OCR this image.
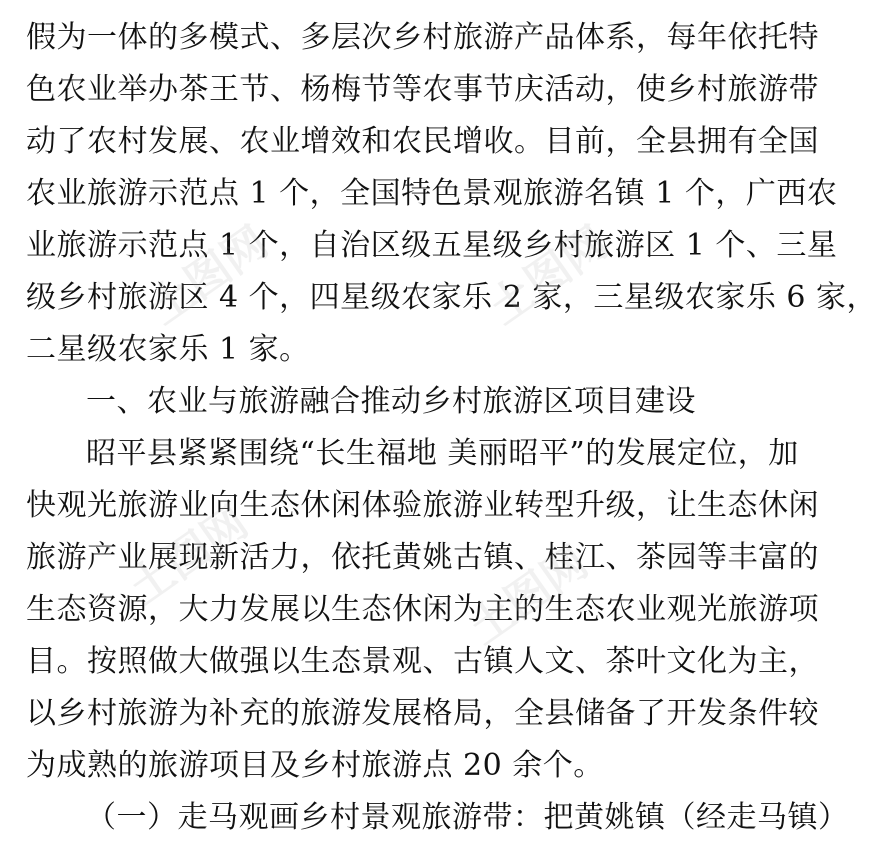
假为一体的多模式、多层次乡村旅游产品体系，每年依托特
色农业举办茶王节、杨梅节等农事节庆活动，使乡村旅游带
动了农村发展、农业增效和农民增收。目前，全县拥有全国
农业旅游示范点 1 个，全国特色景观旅游名镇 1 个，广西农
业旅游示范点 1 个，自治区级五星级乡村旅游区 1 个、三星
级乡村旅游区 4 个，四星级农家乐 2 家，三星级农家乐 6 家，
二星级农家乐 1 家。
一、农业与旅游融合推动乡村旅游区项目建设
昭平县紧紧围绕“长生福地 美丽昭平”的发展定位，加
快观光旅游业向生态休闲体验旅游业转型升级，让生态休闲
旅游产业展现新活力，依托黄姚古镇、桂江、茶园等丰富的
生态资源，大力发展以生态休闲为主的生态农业观光旅游项
目。按照做大做强以生态景观、古镇人文、茶叶文化为主，
以乡村旅游为补充的旅游发展格局，全县储备了开发条件较
为成熟的旅游项目及乡村旅游点 20 余个。
（一）走马观画乡村景观旅游带：把黄姚镇（经走马镇）
土图网	土图网
土图网	土图网
